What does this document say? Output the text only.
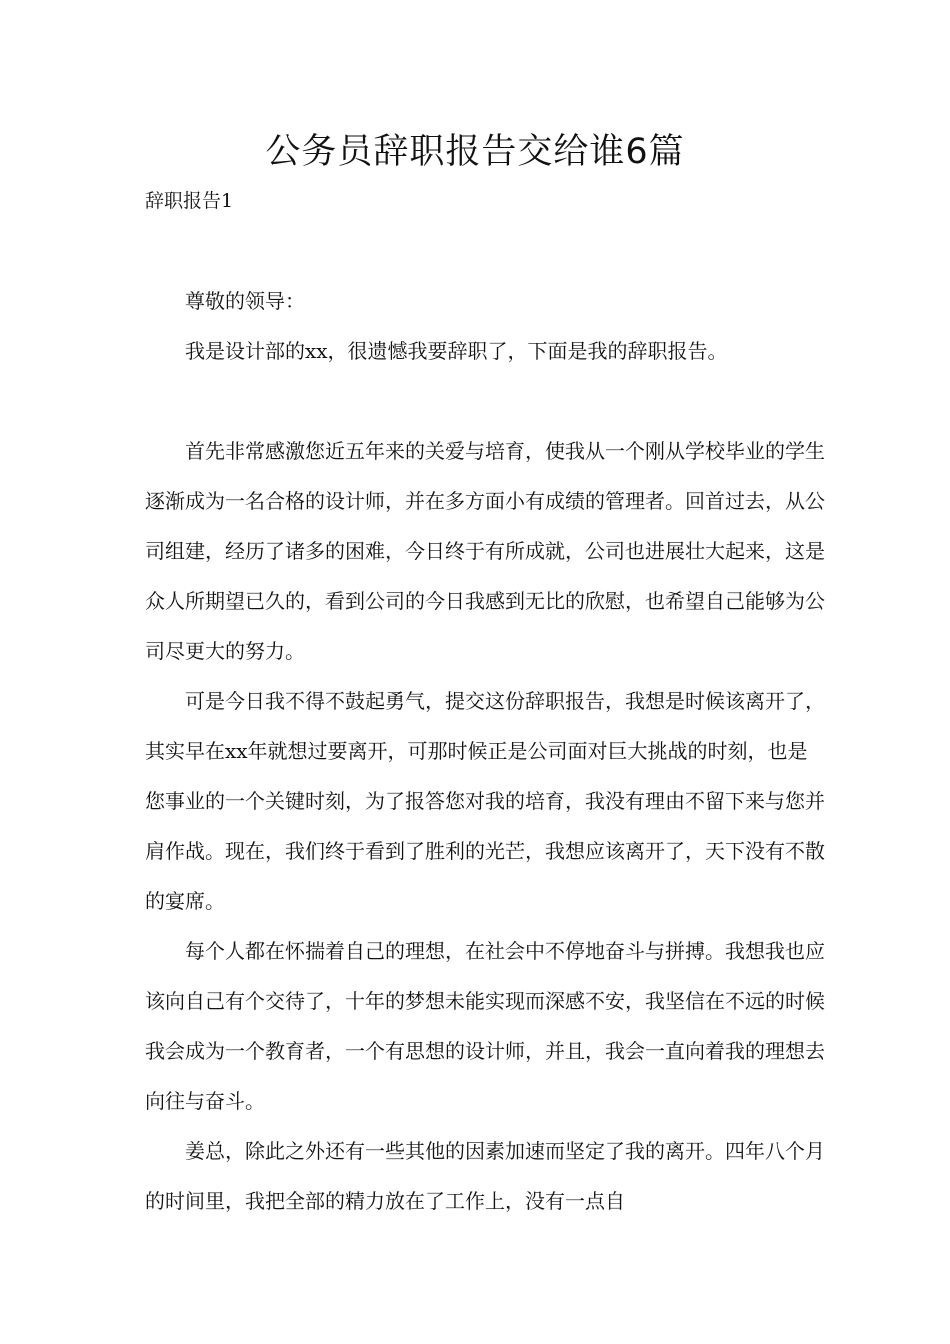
公务员辞职报告交给谁6篇

辞职报告1

尊敬的领导：

我是设计部的xx，很遗憾我要辞职了，下面是我的辞职报告。

首先非常感激您近五年来的关爱与培育，使我从一个刚从学校毕业的学生逐渐成为一名合格的设计师，并在多方面小有成绩的管理者。回首过去，从公司组建，经历了诸多的困难，今日终于有所成就，公司也进展壮大起来，这是众人所期望已久的，看到公司的今日我感到无比的欣慰，也希望自己能够为公司尽更大的努力。

可是今日我不得不鼓起勇气，提交这份辞职报告，我想是时候该离开了，其实早在xx年就想过要离开，可那时候正是公司面对巨大挑战的时刻，也是您事业的一个关键时刻，为了报答您对我的培育，我没有理由不留下来与您并肩作战。现在，我们终于看到了胜利的光芒，我想应该离开了，天下没有不散的宴席。

每个人都在怀揣着自己的理想，在社会中不停地奋斗与拼搏。我想我也应该向自己有个交待了，十年的梦想未能实现而深感不安，我坚信在不远的时候我会成为一个教育者，一个有思想的设计师，并且，我会一直向着我的理想去向往与奋斗。

姜总，除此之外还有一些其他的因素加速而坚定了我的离开。四年八个月的时间里，我把全部的精力放在了工作上，没有一点自
